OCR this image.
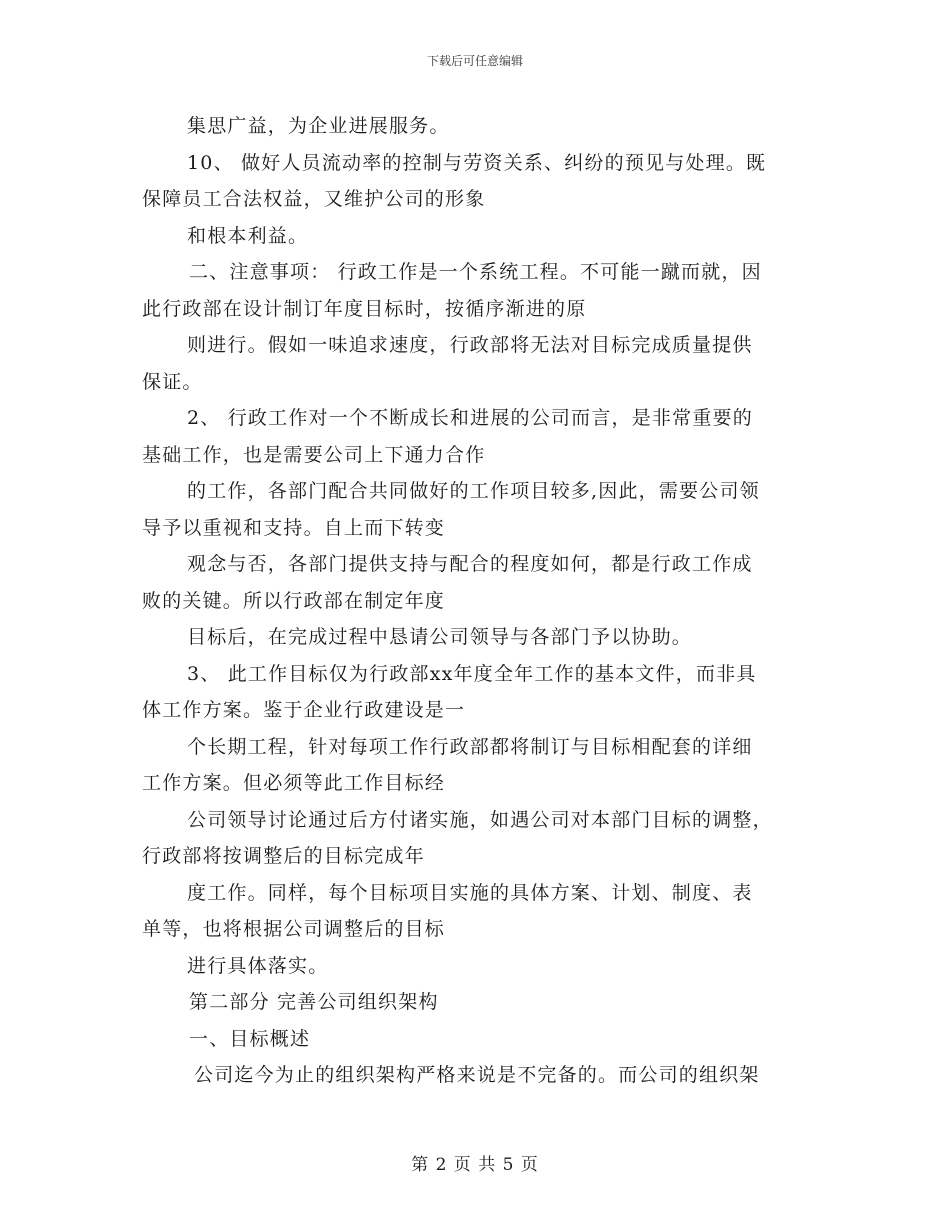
下载后可任意编辑
集思广益，为企业进展服务。
10、 做好人员流动率的控制与劳资关系、纠纷的预见与处理。既
保障员工合法权益，又维护公司的形象
和根本利益。
二、注意事项： 行政工作是一个系统工程。不可能一蹴而就，因
此行政部在设计制订年度目标时，按循序渐进的原
则进行。假如一味追求速度，行政部将无法对目标完成质量提供
保证。
2、 行政工作对一个不断成长和进展的公司而言，是非常重要的
基础工作，也是需要公司上下通力合作
的工作，各部门配合共同做好的工作项目较多,因此，需要公司领
导予以重视和支持。自上而下转变
观念与否，各部门提供支持与配合的程度如何，都是行政工作成
败的关键。所以行政部在制定年度
目标后，在完成过程中恳请公司领导与各部门予以协助。
3、 此工作目标仅为行政部xx年度全年工作的基本文件，而非具
体工作方案。鉴于企业行政建设是一
个长期工程，针对每项工作行政部都将制订与目标相配套的详细
工作方案。但必须等此工作目标经
公司领导讨论通过后方付诸实施，如遇公司对本部门目标的调整，
行政部将按调整后的目标完成年
度工作。同样，每个目标项目实施的具体方案、计划、制度、表
单等，也将根据公司调整后的目标
进行具体落实。
第二部分 完善公司组织架构
一、目标概述
公司迄今为止的组织架构严格来说是不完备的。而公司的组织架
第 2 页 共 5 页
